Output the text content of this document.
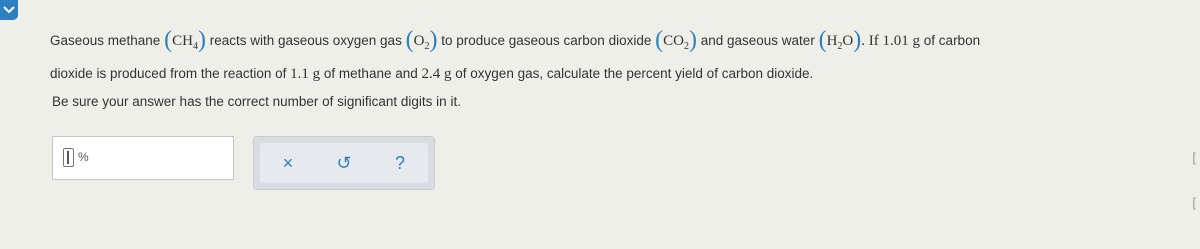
Gaseous methane $(CH_4)$ reacts with gaseous oxygen gas $(O_2)$ to produce gaseous carbon dioxide $(CO_2)$ and gaseous water $(H_2O)$. If 1.01 g of carbon
dioxide is produced from the reaction of 1.1 g of methane and 2.4 g of oxygen gas, calculate the percent yield of carbon dioxide.
Be sure your answer has the correct number of significant digits in it.
%	×	↺	?	[
[
